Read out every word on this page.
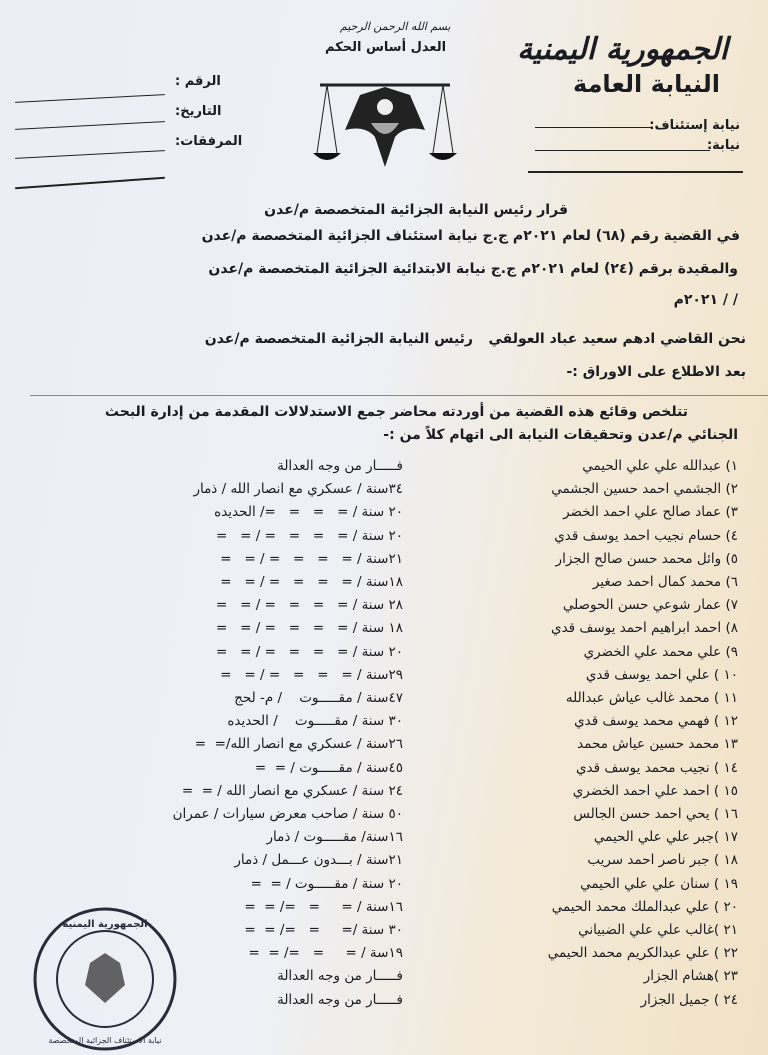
الجمهورية اليمنية
النيابة العامة
نيابة إستئناف:
نيابة:
بسم الله الرحمن الرحيم
العدل أساس الحكم
الرقم :
التاريخ:
المرفقات:
قرار رئيس النيابة الجزائية المتخصصة م/عدن
في القضية رقم (٦٨) لعام ٢٠٢١م ج.ج نيابة استئناف الجزائية المتخصصة م/عدن
والمقيدة برقم (٢٤) لعام ٢٠٢١م ج.ج نيابة الابتدائية الجزائية المتخصصة م/عدن
/ / ٢٠٢١م
نحن القاضي ادهم سعيد عباد العولقي
رئيس النيابة الجزائية المتخصصة م/عدن
بعد الاطلاع على الاوراق :-
تتلخص وقائع هذه القضية من أوردته محاضر جمع الاستدلالات المقدمة من إدارة البحث
الجنائي م/عدن وتحقيقات النيابة الى اتهام كلاً من :-
١) عبدالله علي علي الحيمي
فـــــار من وجه العدالة
٢) الجشمي احمد حسين الجشمي
٣٤سنة / عسكري مع انصار الله / ذمار
٣) عماد صالح علي احمد الخضر
٢٠ سنة / =   =   =   =/ الحديده
٤) حسام نجيب احمد يوسف قدي
٢٠ سنة / =   =   =   = / =   =
٥) وائل محمد حسن صالح الجزار
٢١سنة / =   =   =   = / =   =
٦) محمد كمال احمد صغير
١٨سنة / =   =   =   = / =   =
٧) عمار شوعي حسن الحوصلي
٢٨ سنة / =   =   =   = / =   =
٨) احمد ابراهيم احمد يوسف قدي
١٨ سنة / =   =   =   = / =   =
٩) علي محمد علي الخضري
٢٠ سنة / =   =   =   = / =   =
١٠ ) علي احمد يوسف قدي
٢٩سنة / =   =   =   = / =   =
١١ ) محمد غالب عياش عبدالله
٤٧سنة / مقـــــوت    / م- لحج
١٢ ) فهمي محمد يوسف قدي
٣٠ سنة / مقـــــوت    / الحديده
١٣ محمد حسين عياش محمد
٢٦سنة / عسكري مع انصار الله/=  =
١٤ ) نجيب محمد يوسف قدي
٤٥سنة / مقـــــوت / =  =
١٥ ) احمد علي احمد الخضري
٢٤ سنة / عسكري مع انصار الله / =  =
١٦ ) يحي احمد حسن الجالس
٥٠ سنة / صاحب معرض سيارات / عمران
١٧ )جبر علي علي الحيمي
١٦سنة/ مقـــــوت / ذمار
١٨ ) جبر ناصر احمد سريب
٢١سنة / بـــدون عـــمل / ذمار
١٩ ) سنان علي علي الحيمي
٢٠ سنة / مقـــــوت / =  =
٢٠ ) علي عبدالملك محمد الحيمي
١٦سنة / =     =   =/ =  =
٢١ )غالب علي علي الضبياني
٣٠ سنة /=     =   =/ =  =
٢٢ ) علي عبدالكريم محمد الحيمي
١٩سة / =     =   =/ =  =
٢٣ )هشام الجزار
فـــــار من وجه العدالة
٢٤ ) جميل الجزار
فـــــار من وجه العدالة
الجمهورية اليمنية
نيابة الاستئناف الجزائية المتخصصة
